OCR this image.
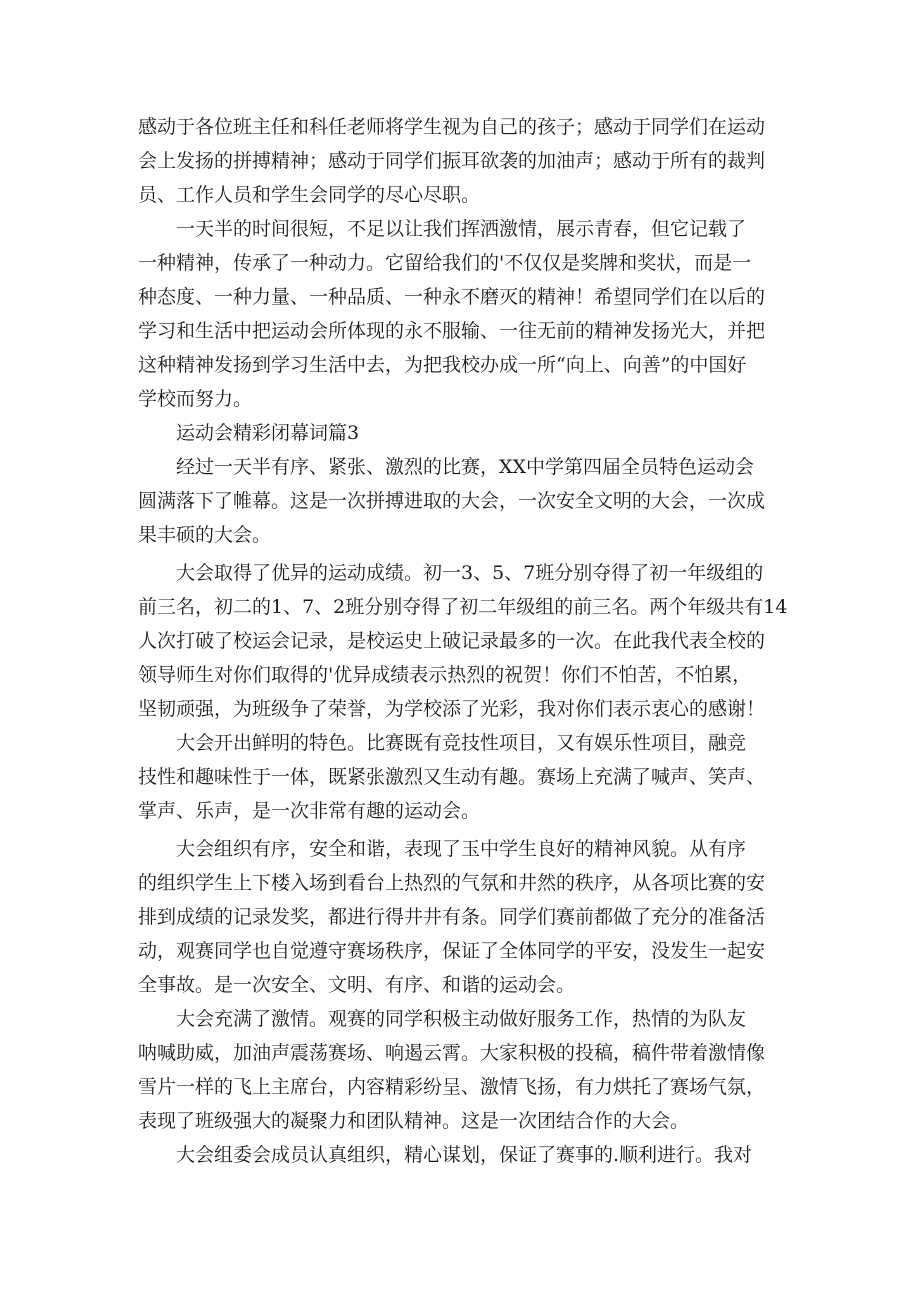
感动于各位班主任和科任老师将学生视为自己的孩子；感动于同学们在运动
会上发扬的拼搏精神；感动于同学们振耳欲袭的加油声；感动于所有的裁判
员、工作人员和学生会同学的尽心尽职。
一天半的时间很短，不足以让我们挥洒激情，展示青春，但它记载了
一种精神，传承了一种动力。它留给我们的'不仅仅是奖牌和奖状，而是一
种态度、一种力量、一种品质、一种永不磨灭的精神！希望同学们在以后的
学习和生活中把运动会所体现的永不服输、一往无前的精神发扬光大，并把
这种精神发扬到学习生活中去，为把我校办成一所“向上、向善”的中国好
学校而努力。
运动会精彩闭幕词篇3
经过一天半有序、紧张、激烈的比赛，XX中学第四届全员特色运动会
圆满落下了帷幕。这是一次拼搏进取的大会，一次安全文明的大会，一次成
果丰硕的大会。
大会取得了优异的运动成绩。初一3、5、7班分别夺得了初一年级组的
前三名，初二的1、7、2班分别夺得了初二年级组的前三名。两个年级共有14
人次打破了校运会记录，是校运史上破记录最多的一次。在此我代表全校的
领导师生对你们取得的'优异成绩表示热烈的祝贺！你们不怕苦，不怕累，
坚韧顽强，为班级争了荣誉，为学校添了光彩，我对你们表示衷心的感谢！
大会开出鲜明的特色。比赛既有竞技性项目，又有娱乐性项目，融竞
技性和趣味性于一体，既紧张激烈又生动有趣。赛场上充满了喊声、笑声、
掌声、乐声，是一次非常有趣的运动会。
大会组织有序，安全和谐，表现了玉中学生良好的精神风貌。从有序
的组织学生上下楼入场到看台上热烈的气氛和井然的秩序，从各项比赛的安
排到成绩的记录发奖，都进行得井井有条。同学们赛前都做了充分的准备活
动，观赛同学也自觉遵守赛场秩序，保证了全体同学的平安，没发生一起安
全事故。是一次安全、文明、有序、和谐的运动会。
大会充满了激情。观赛的同学积极主动做好服务工作，热情的为队友
呐喊助威，加油声震荡赛场、响遏云霄。大家积极的投稿，稿件带着激情像
雪片一样的飞上主席台，内容精彩纷呈、激情飞扬，有力烘托了赛场气氛，
表现了班级强大的凝聚力和团队精神。这是一次团结合作的大会。
大会组委会成员认真组织，精心谋划，保证了赛事的.顺利进行。我对
